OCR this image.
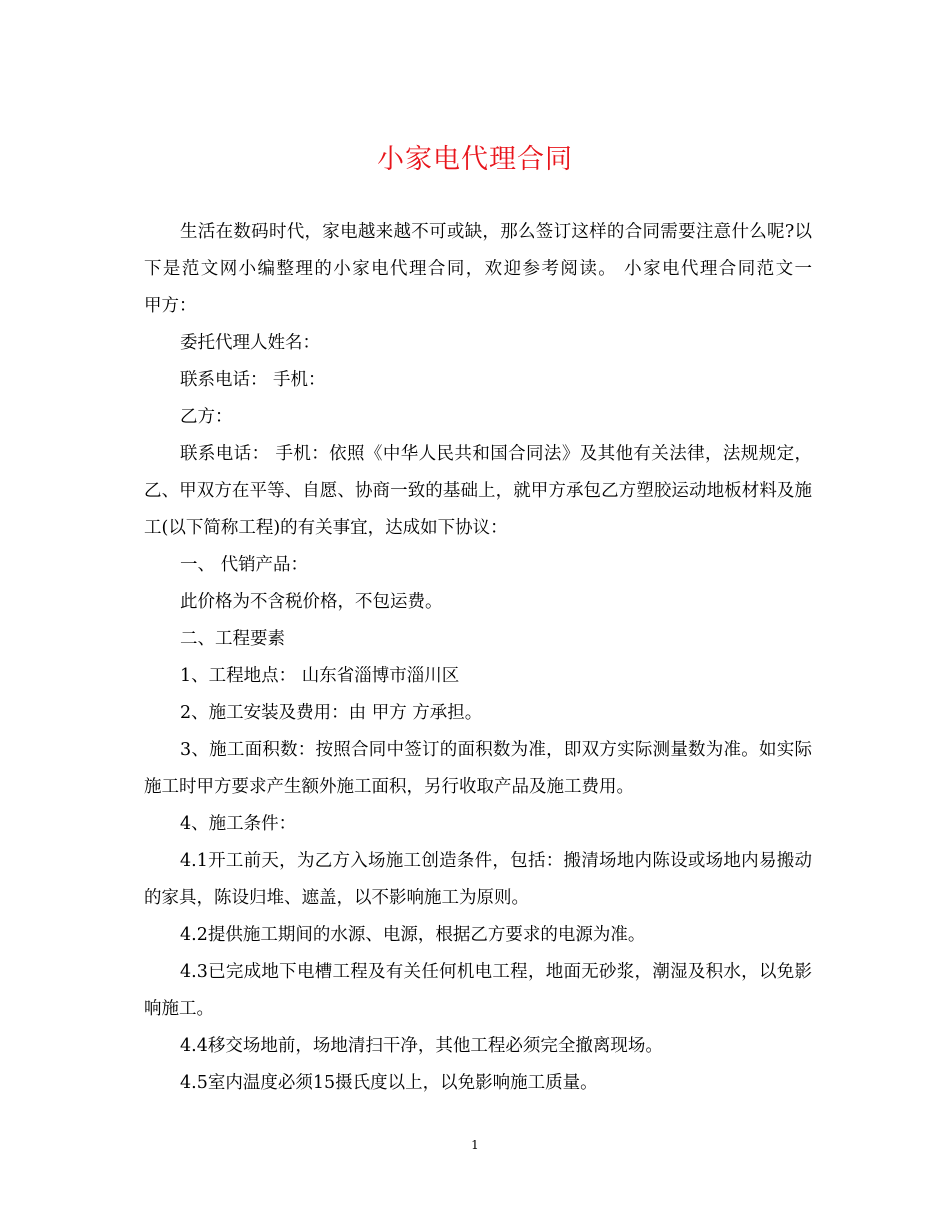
小家电代理合同

生活在数码时代，家电越来越不可或缺，那么签订这样的合同需要注意什么呢?以下是范文网小编整理的小家电代理合同，欢迎参考阅读。 小家电代理合同范文一　　甲方：

委托代理人姓名：

联系电话： 手机：

乙方：

联系电话： 手机：依照《中华人民共和国合同法》及其他有关法律，法规规定，乙、甲双方在平等、自愿、协商一致的基础上，就甲方承包乙方塑胶运动地板材料及施工(以下简称工程)的有关事宜，达成如下协议：

一、 代销产品：

此价格为不含税价格，不包运费。

二、工程要素

1、工程地点： 山东省淄博市淄川区

2、施工安装及费用：由 甲方 方承担。

3、施工面积数：按照合同中签订的面积数为准，即双方实际测量数为准。如实际施工时甲方要求产生额外施工面积，另行收取产品及施工费用。

4、施工条件：

4.1开工前天，为乙方入场施工创造条件，包括：搬清场地内陈设或场地内易搬动的家具，陈设归堆、遮盖，以不影响施工为原则。

4.2提供施工期间的水源、电源，根据乙方要求的电源为准。

4.3已完成地下电槽工程及有关任何机电工程，地面无砂浆，潮湿及积水，以免影响施工。

4.4移交场地前，场地清扫干净，其他工程必须完全撤离现场。

4.5室内温度必须15摄氏度以上，以免影响施工质量。

1
